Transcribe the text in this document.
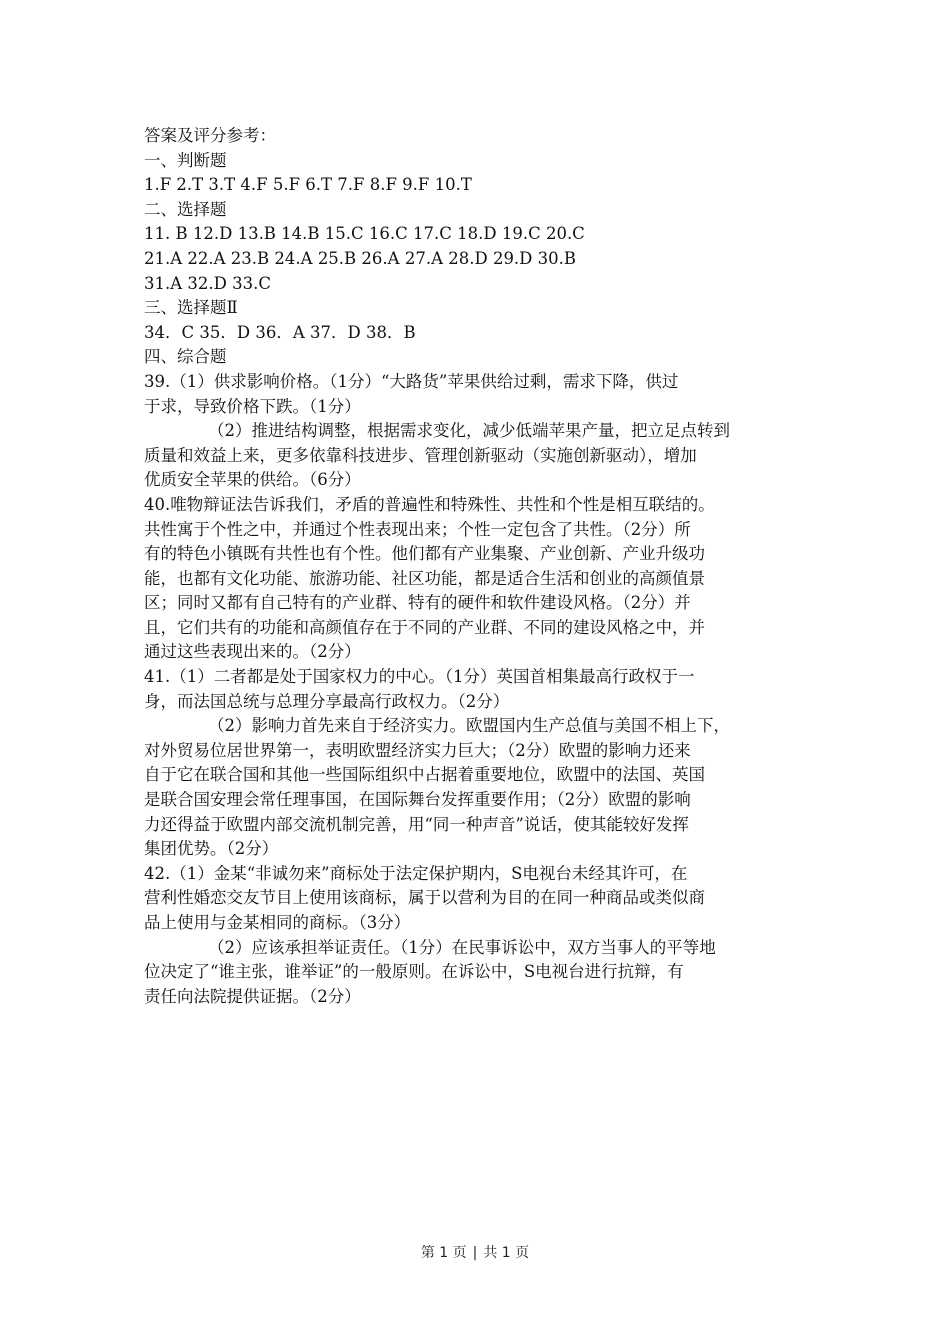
答案及评分参考：
一、判断题
1.F 2.T 3.T 4.F 5.F 6.T 7.F 8.F 9.F 10.T
二、选择题
11. B 12.D 13.B 14.B 15.C 16.C 17.C 18.D 19.C 20.C
21.A 22.A 23.B 24.A 25.B 26.A 27.A 28.D 29.D 30.B
31.A 32.D 33.C
三、选择题Ⅱ
34．C 35．D 36．A 37．D 38．B
四、综合题
39.（1）供求影响价格。（1分）“大路货”苹果供给过剩，需求下降，供过
于求，导致价格下跌。（1分）
（2）推进结构调整，根据需求变化，减少低端苹果产量，把立足点转到
质量和效益上来，更多依靠科技进步、管理创新驱动（实施创新驱动），增加
优质安全苹果的供给。（6分）
40.唯物辩证法告诉我们，矛盾的普遍性和特殊性、共性和个性是相互联结的。
共性寓于个性之中，并通过个性表现出来；个性一定包含了共性。（2分）所
有的特色小镇既有共性也有个性。他们都有产业集聚、产业创新、产业升级功
能，也都有文化功能、旅游功能、社区功能，都是适合生活和创业的高颜值景
区；同时又都有自己特有的产业群、特有的硬件和软件建设风格。（2分）并
且，它们共有的功能和高颜值存在于不同的产业群、不同的建设风格之中，并
通过这些表现出来的。（2分）
41.（1）二者都是处于国家权力的中心。（1分）英国首相集最高行政权于一
身，而法国总统与总理分享最高行政权力。（2分）
（2）影响力首先来自于经济实力。欧盟国内生产总值与美国不相上下，
对外贸易位居世界第一，表明欧盟经济实力巨大；（2分）欧盟的影响力还来
自于它在联合国和其他一些国际组织中占据着重要地位，欧盟中的法国、英国
是联合国安理会常任理事国，在国际舞台发挥重要作用；（2分）欧盟的影响
力还得益于欧盟内部交流机制完善，用“同一种声音”说话，使其能较好发挥
集团优势。（2分）
42.（1）金某“非诚勿来”商标处于法定保护期内，S电视台未经其许可，在
营利性婚恋交友节目上使用该商标，属于以营利为目的在同一种商品或类似商
品上使用与金某相同的商标。（3分）
（2）应该承担举证责任。（1分）在民事诉讼中，双方当事人的平等地
位决定了“谁主张，谁举证”的一般原则。在诉讼中，S电视台进行抗辩，有
责任向法院提供证据。（2分）
第 1 页 | 共 1 页
